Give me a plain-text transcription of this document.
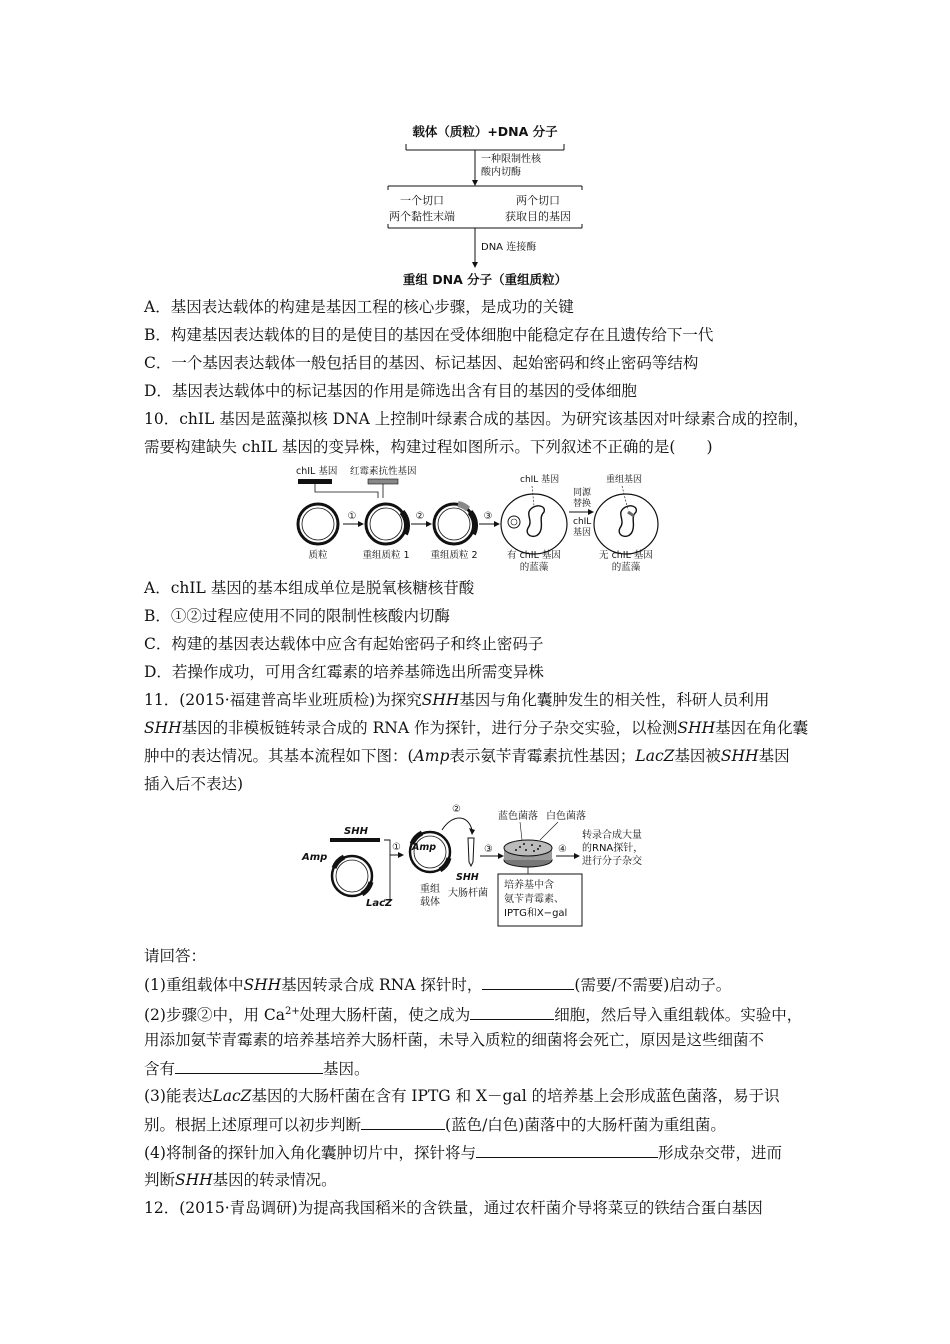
载体（质粒）+DNA 分子
一种限制性核
酸内切酶
一个切口
两个黏性末端
两个切口
获取目的基因
DNA 连接酶
重组 DNA 分子（重组质粒）
A．基因表达载体的构建是基因工程的核心步骤，是成功的关键
B．构建基因表达载体的目的是使目的基因在受体细胞中能稳定存在且遗传给下一代
C．一个基因表达载体一般包括目的基因、标记基因、起始密码和终止密码等结构
D．基因表达载体中的标记基因的作用是筛选出含有目的基因的受体细胞
10．chIL 基因是蓝藻拟核 DNA 上控制叶绿素合成的基因。为研究该基因对叶绿素合成的控制，
需要构建缺失 chIL 基因的变异株，构建过程如图所示。下列叙述不正确的是(　　)
chIL 基因 红霉素抗性基因
质粒
①
重组质粒 1
②
重组质粒 2
③
chIL 基因
有 chIL 基因
的蓝藻
同源
替换
chIL
基因
重组基因
无 chIL 基因
的蓝藻
A．chIL 基因的基本组成单位是脱氧核糖核苷酸
B．①②过程应使用不同的限制性核酸内切酶
C．构建的基因表达载体中应含有起始密码子和终止密码子
D．若操作成功，可用含红霉素的培养基筛选出所需变异株
11．(2015·福建普高毕业班质检)为探究SHH基因与角化囊肿发生的相关性，科研人员利用
SHH基因的非模板链转录合成的 RNA 作为探针，进行分子杂交实验，以检测SHH基因在角化囊
肿中的表达情况。其基本流程如下图：(Amp表示氨苄青霉素抗性基因；LacZ基因被SHH基因
插入后不表达)
SHH
Amp
LacZ
① Amp
重组
载体
②
SHH
大肠杆菌
③
蓝色菌落 白色菌落
④
转录合成大量
的RNA探针，
进行分子杂交
培养基中含
氨苄青霉素、
IPTG和X−gal
请回答：
(1)重组载体中SHH基因转录合成 RNA 探针时，	(需要/不需要)启动子。
(2)步骤②中，用 $Ca^{2+}$处理大肠杆菌，使之成为	细胞，然后导入重组载体。实验中，
用添加氨苄青霉素的培养基培养大肠杆菌，未导入质粒的细菌将会死亡，原因是这些细菌不
含有	基因。
(3)能表达LacZ基因的大肠杆菌在含有 IPTG 和 X－gal 的培养基上会形成蓝色菌落，易于识
别。根据上述原理可以初步判断	(蓝色/白色)菌落中的大肠杆菌为重组菌。
(4)将制备的探针加入角化囊肿切片中，探针将与	形成杂交带，进而
判断SHH基因的转录情况。
12．(2015·青岛调研)为提高我国稻米的含铁量，通过农杆菌介导将菜豆的铁结合蛋白基因
